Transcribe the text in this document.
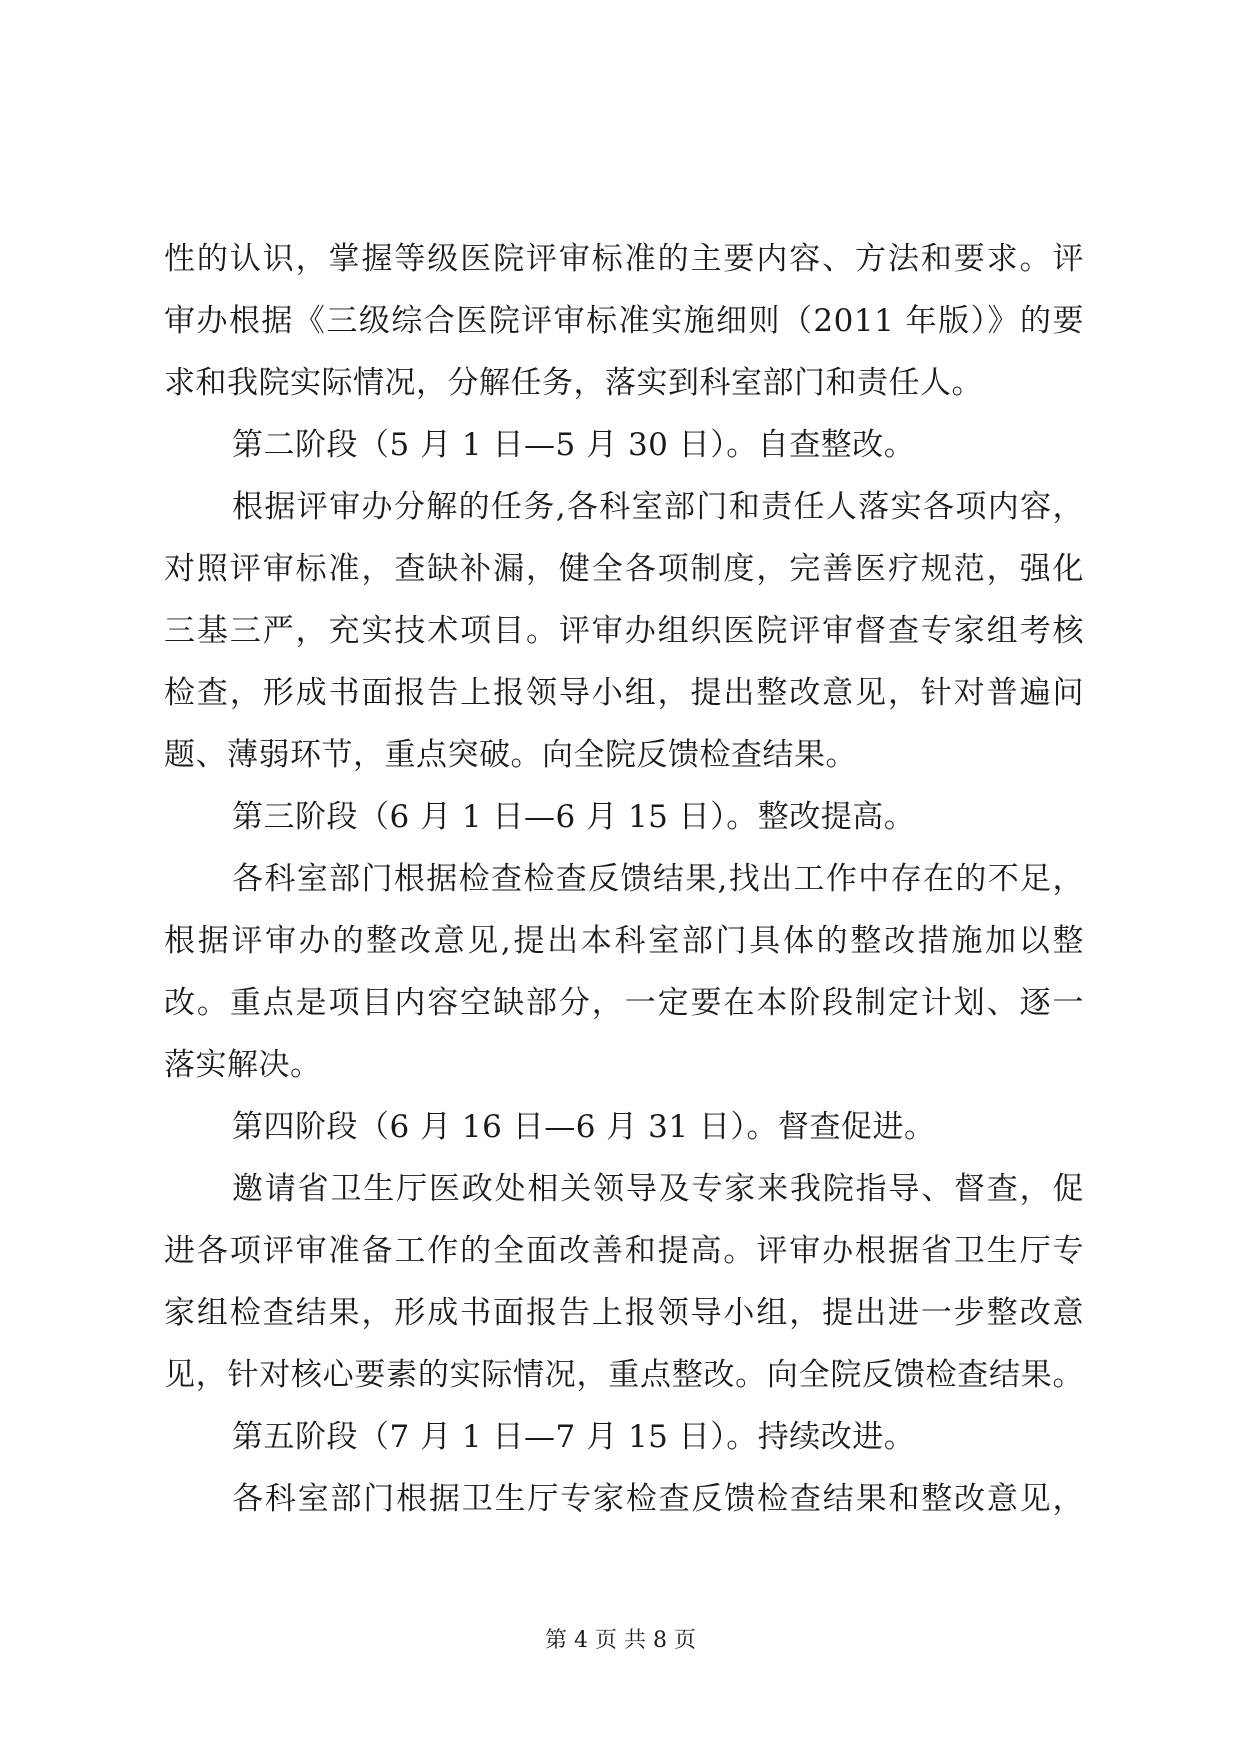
性的认识，掌握等级医院评审标准的主要内容、方法和要求。评
审办根据《三级综合医院评审标准实施细则（2011 年版）》的要
求和我院实际情况，分解任务，落实到科室部门和责任人。
第二阶段（5 月 1 日—5 月 30 日）。自查整改。
根据评审办分解的任务,各科室部门和责任人落实各项内容，
对照评审标准，查缺补漏，健全各项制度，完善医疗规范，强化
三基三严，充实技术项目。评审办组织医院评审督查专家组考核
检查，形成书面报告上报领导小组，提出整改意见，针对普遍问
题、薄弱环节，重点突破。向全院反馈检查结果。
第三阶段（6 月 1 日—6 月 15 日）。整改提高。
各科室部门根据检查检查反馈结果,找出工作中存在的不足，
根据评审办的整改意见,提出本科室部门具体的整改措施加以整
改。重点是项目内容空缺部分，一定要在本阶段制定计划、逐一
落实解决。
第四阶段（6 月 16 日—6 月 31 日）。督查促进。
邀请省卫生厅医政处相关领导及专家来我院指导、督查，促
进各项评审准备工作的全面改善和提高。评审办根据省卫生厅专
家组检查结果，形成书面报告上报领导小组，提出进一步整改意
见，针对核心要素的实际情况，重点整改。向全院反馈检查结果。
第五阶段（7 月 1 日—7 月 15 日）。持续改进。
各科室部门根据卫生厅专家检查反馈检查结果和整改意见，
第 4 页 共 8 页
